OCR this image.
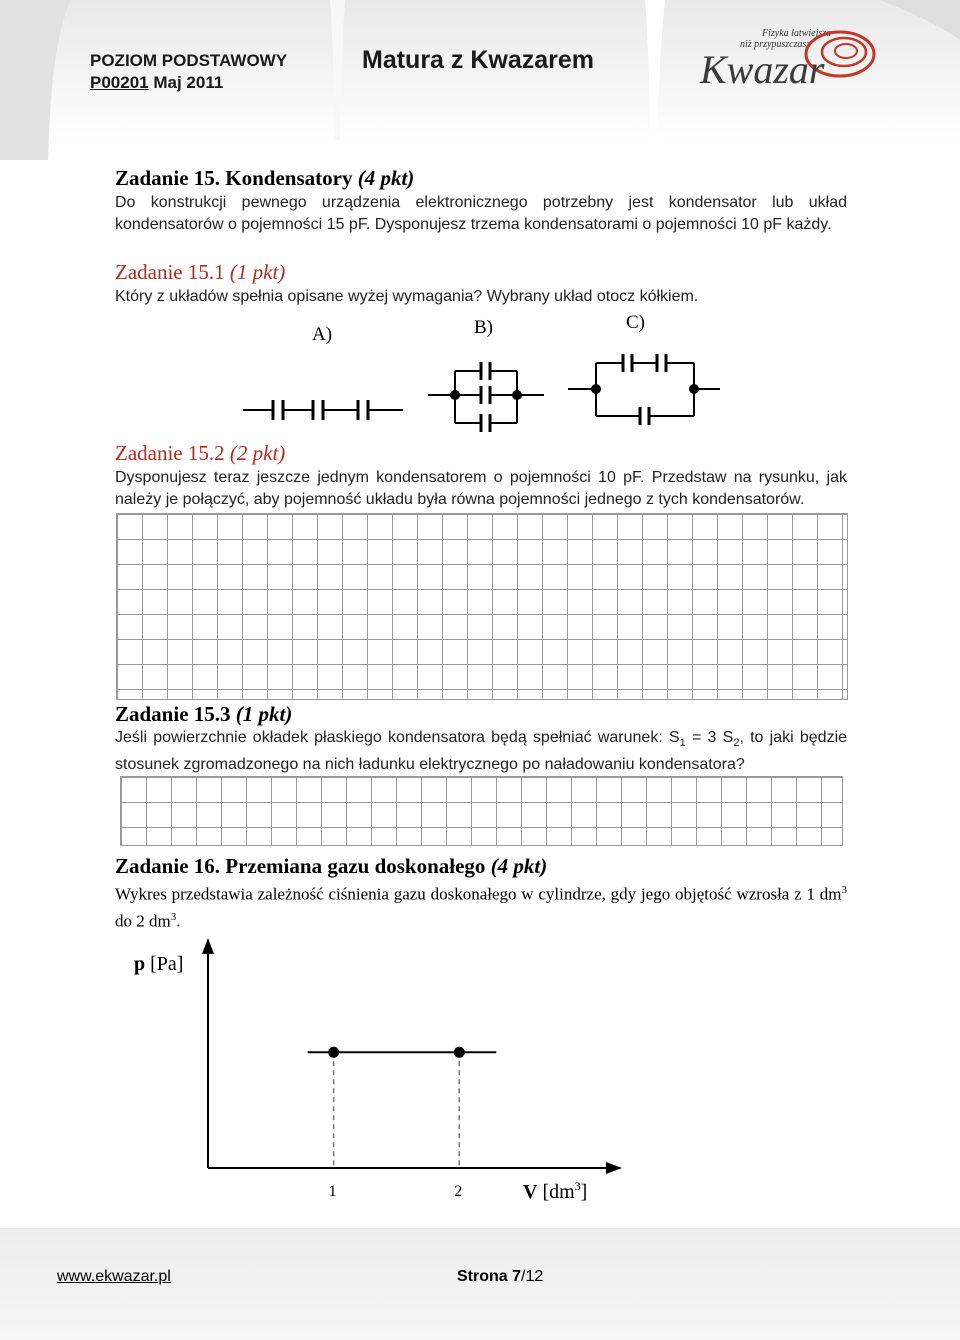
POZIOM PODSTAWOWY
P00201 Maj 2011
Matura z Kwazarem
Fizyka łatwiejsza
niż przypuszczasz
Kwazar
Zadanie 15. Kondensatory (4 pkt)
Do konstrukcji pewnego urządzenia elektronicznego potrzebny jest kondensator lub układ kondensatorów o pojemności 15 pF. Dysponujesz trzema kondensatorami o pojemności 10 pF każdy.
Zadanie 15.1 (1 pkt)
Który z układów spełnia opisane wyżej wymagania? Wybrany układ otocz kółkiem.
A)	B)	C)
Zadanie 15.2 (2 pkt)
Dysponujesz teraz jeszcze jednym kondensatorem o pojemności 10 pF. Przedstaw na rysunku, jak należy je połączyć, aby pojemność układu była równa pojemności jednego z tych kondensatorów.
Zadanie 15.3 (1 pkt)
Jeśli powierzchnie okładek płaskiego kondensatora będą spełniać warunek: $S_1 = 3$ $S_2$, to jaki będzie stosunek zgromadzonego na nich ładunku elektrycznego po naładowaniu kondensatora?
Zadanie 16. Przemiana gazu doskonałego (4 pkt)
Wykres przedstawia zależność ciśnienia gazu doskonałego w cylindrze, gdy jego objętość wzrosła z 1 $dm^3$ do 2 $dm^3$.
p [Pa]
V $[dm^3]$
1	2
www.ekwazar.pl	Strona 7/12
